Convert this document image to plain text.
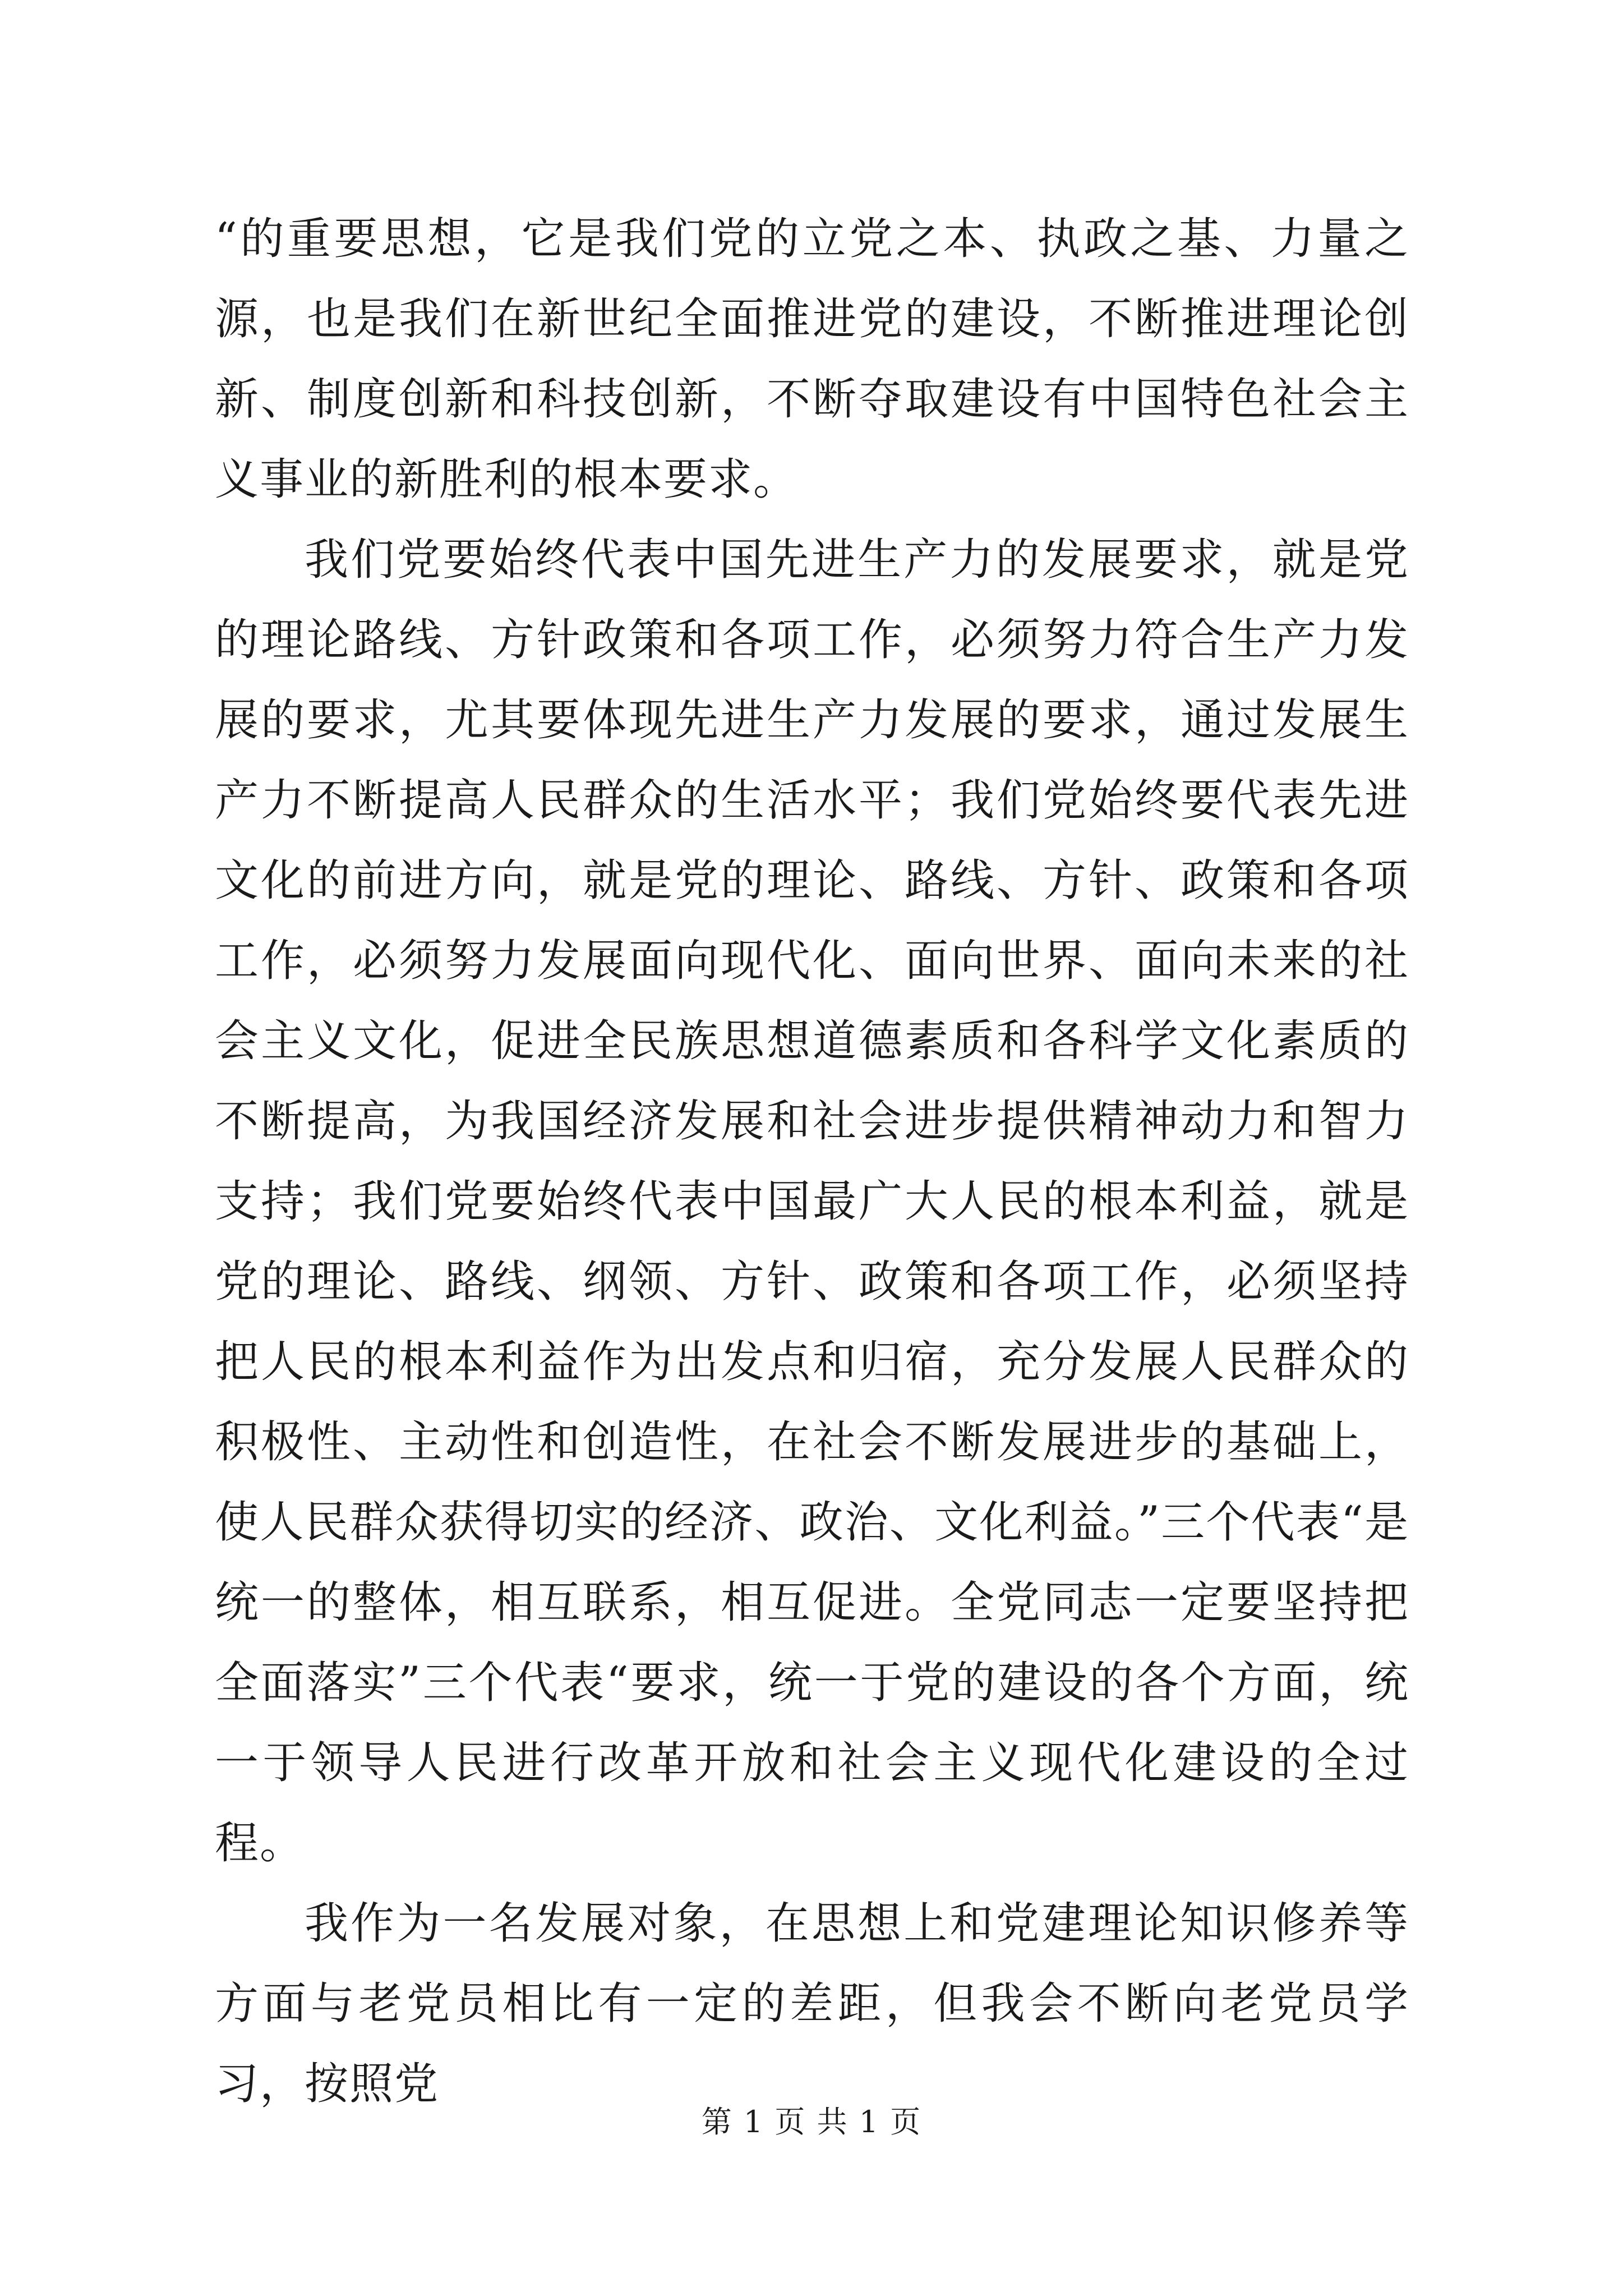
“的重要思想，它是我们党的立党之本、执政之基、力量之源，也是我们在新世纪全面推进党的建设，不断推进理论创新、制度创新和科技创新，不断夺取建设有中国特色社会主义事业的新胜利的根本要求。

我们党要始终代表中国先进生产力的发展要求，就是党的理论路线、方针政策和各项工作，必须努力符合生产力发展的要求，尤其要体现先进生产力发展的要求，通过发展生产力不断提高人民群众的生活水平；我们党始终要代表先进文化的前进方向，就是党的理论、路线、方针、政策和各项工作，必须努力发展面向现代化、面向世界、面向未来的社会主义文化，促进全民族思想道德素质和各科学文化素质的不断提高，为我国经济发展和社会进步提供精神动力和智力支持；我们党要始终代表中国最广大人民的根本利益，就是党的理论、路线、纲领、方针、政策和各项工作，必须坚持把人民的根本利益作为出发点和归宿，充分发展人民群众的积极性、主动性和创造性，在社会不断发展进步的基础上，使人民群众获得切实的经济、政治、文化利益。”三个代表“是统一的整体，相互联系，相互促进。全党同志一定要坚持把全面落实”三个代表“要求，统一于党的建设的各个方面，统一于领导人民进行改革开放和社会主义现代化建设的全过程。

我作为一名发展对象，在思想上和党建理论知识修养等方面与老党员相比有一定的差距，但我会不断向老党员学习，按照党

第 1 页 共 1 页
